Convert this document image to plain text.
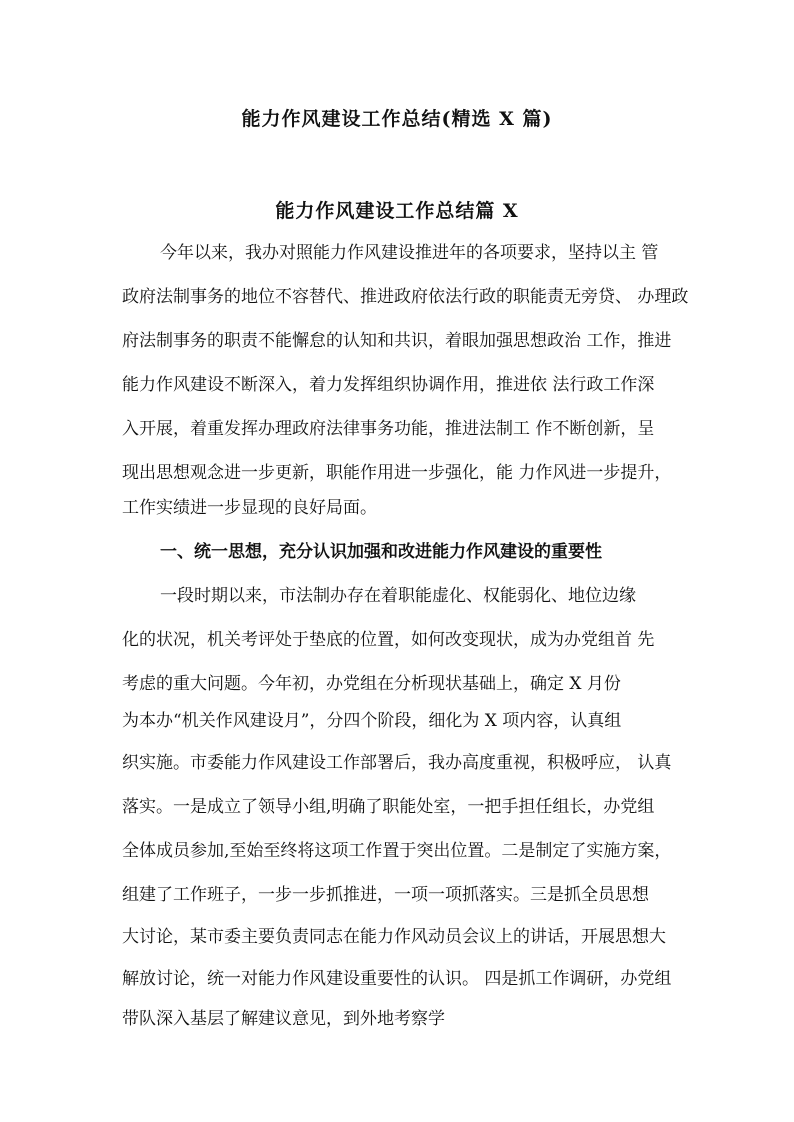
能力作风建设工作总结(精选 X 篇)
能力作风建设工作总结篇 X

今年以来，我办对照能力作风建设推进年的各项要求，坚持以主 管

政府法制事务的地位不容替代、推进政府依法行政的职能责无旁贷、 办理政

府法制事务的职责不能懈怠的认知和共识，着眼加强思想政治 工作，推进

能力作风建设不断深入，着力发挥组织协调作用，推进依 法行政工作深

入开展，着重发挥办理政府法律事务功能，推进法制工 作不断创新，呈

现出思想观念进一步更新，职能作用进一步强化，能 力作风进一步提升，

工作实绩进一步显现的良好局面。

一、统一思想，充分认识加强和改进能力作风建设的重要性

一段时期以来，市法制办存在着职能虚化、权能弱化、地位边缘

化的状况，机关考评处于垫底的位置，如何改变现状，成为办党组首 先

考虑的重大问题。今年初，办党组在分析现状基础上，确定 X 月份

为本办“机关作风建设月”，分四个阶段，细化为 X 项内容，认真组

织实施。市委能力作风建设工作部署后，我办高度重视，积极呼应， 认真

落实。一是成立了领导小组,明确了职能处室，一把手担任组长，办党组

全体成员参加,至始至终将这项工作置于突出位置。二是制定了实施方案，

组建了工作班子，一步一步抓推进，一项一项抓落实。三是抓全员思想

大讨论，某市委主要负责同志在能力作风动员会议上的讲话，开展思想大

解放讨论，统一对能力作风建设重要性的认识。 四是抓工作调研，办党组

带队深入基层了解建议意见，到外地考察学
